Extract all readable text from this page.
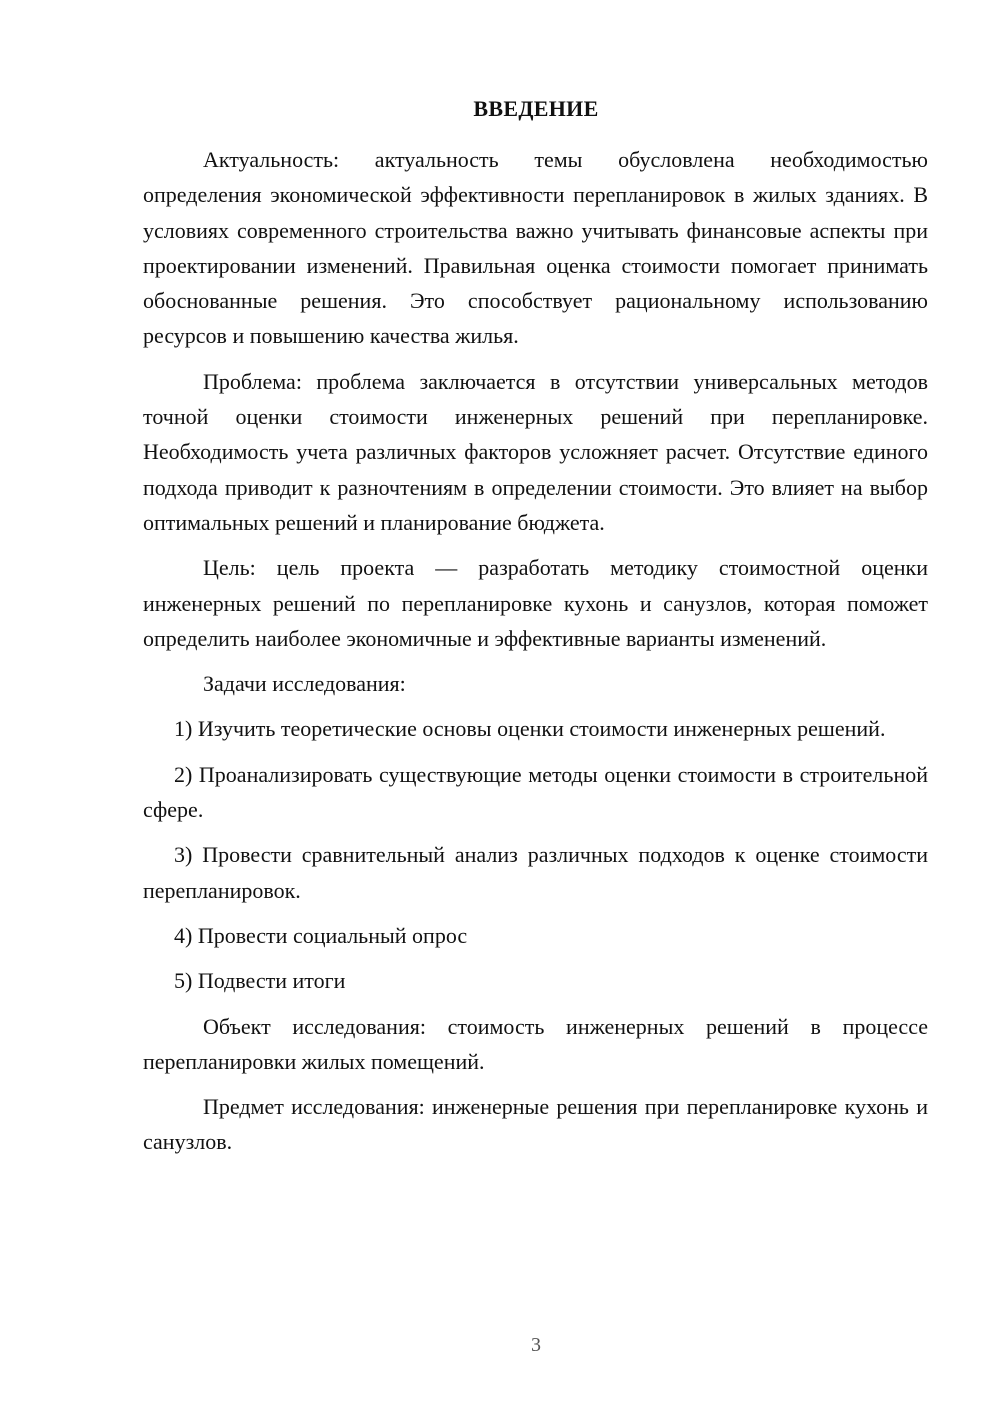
ВВЕДЕНИЕ

Актуальность: актуальность темы обусловлена необходимостью определения экономической эффективности перепланировок в жилых зданиях. В условиях современного строительства важно учитывать финансовые аспекты при проектировании изменений. Правильная оценка стоимости помогает принимать обоснованные решения. Это способствует рациональному использованию ресурсов и повышению качества жилья.

Проблема: проблема заключается в отсутствии универсальных методов точной оценки стоимости инженерных решений при перепланировке. Необходимость учета различных факторов усложняет расчет. Отсутствие единого подхода приводит к разночтениям в определении стоимости. Это влияет на выбор оптимальных решений и планирование бюджета.

Цель: цель проекта — разработать методику стоимостной оценки инженерных решений по перепланировке кухонь и санузлов, которая поможет определить наиболее экономичные и эффективные варианты изменений.

Задачи исследования:

1) Изучить теоретические основы оценки стоимости инженерных решений.

2) Проанализировать существующие методы оценки стоимости в строительной сфере.

3) Провести сравнительный анализ различных подходов к оценке стоимости перепланировок.

4) Провести социальный опрос

5) Подвести итоги

Объект исследования: стоимость инженерных решений в процессе перепланировки жилых помещений.

Предмет исследования: инженерные решения при перепланировке кухонь и санузлов.

3
